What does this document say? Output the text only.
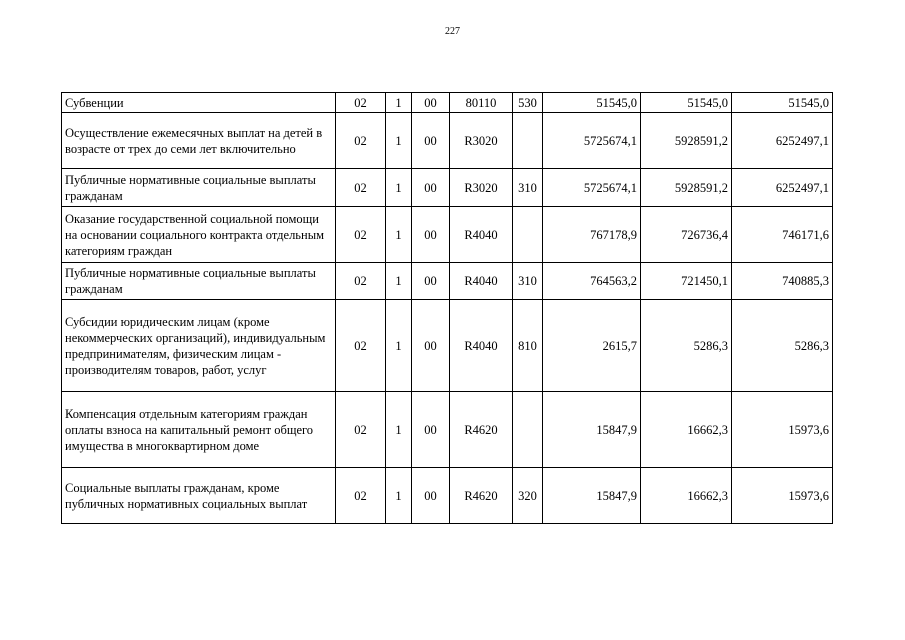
227
Субвенции	02	1	00	80110	530	51545,0	51545,0	51545,0
Осуществление ежемесячных выплат на детей в возрасте от трех до семи лет включительно	02	1	00	R3020		5725674,1	5928591,2	6252497,1
Публичные нормативные социальные выплаты гражданам	02	1	00	R3020	310	5725674,1	5928591,2	6252497,1
Оказание государственной социальной помощи на основании социального контракта отдельным категориям граждан	02	1	00	R4040		767178,9	726736,4	746171,6
Публичные нормативные социальные выплаты гражданам	02	1	00	R4040	310	764563,2	721450,1	740885,3
Субсидии юридическим лицам (кроме некоммерческих организаций), индивидуальным предпринимателям, физическим лицам - производителям товаров, работ, услуг	02	1	00	R4040	810	2615,7	5286,3	5286,3
Компенсация отдельным категориям граждан оплаты взноса на капитальный ремонт общего имущества в многоквартирном доме	02	1	00	R4620		15847,9	16662,3	15973,6
Социальные выплаты гражданам, кроме публичных нормативных социальных выплат	02	1	00	R4620	320	15847,9	16662,3	15973,6
